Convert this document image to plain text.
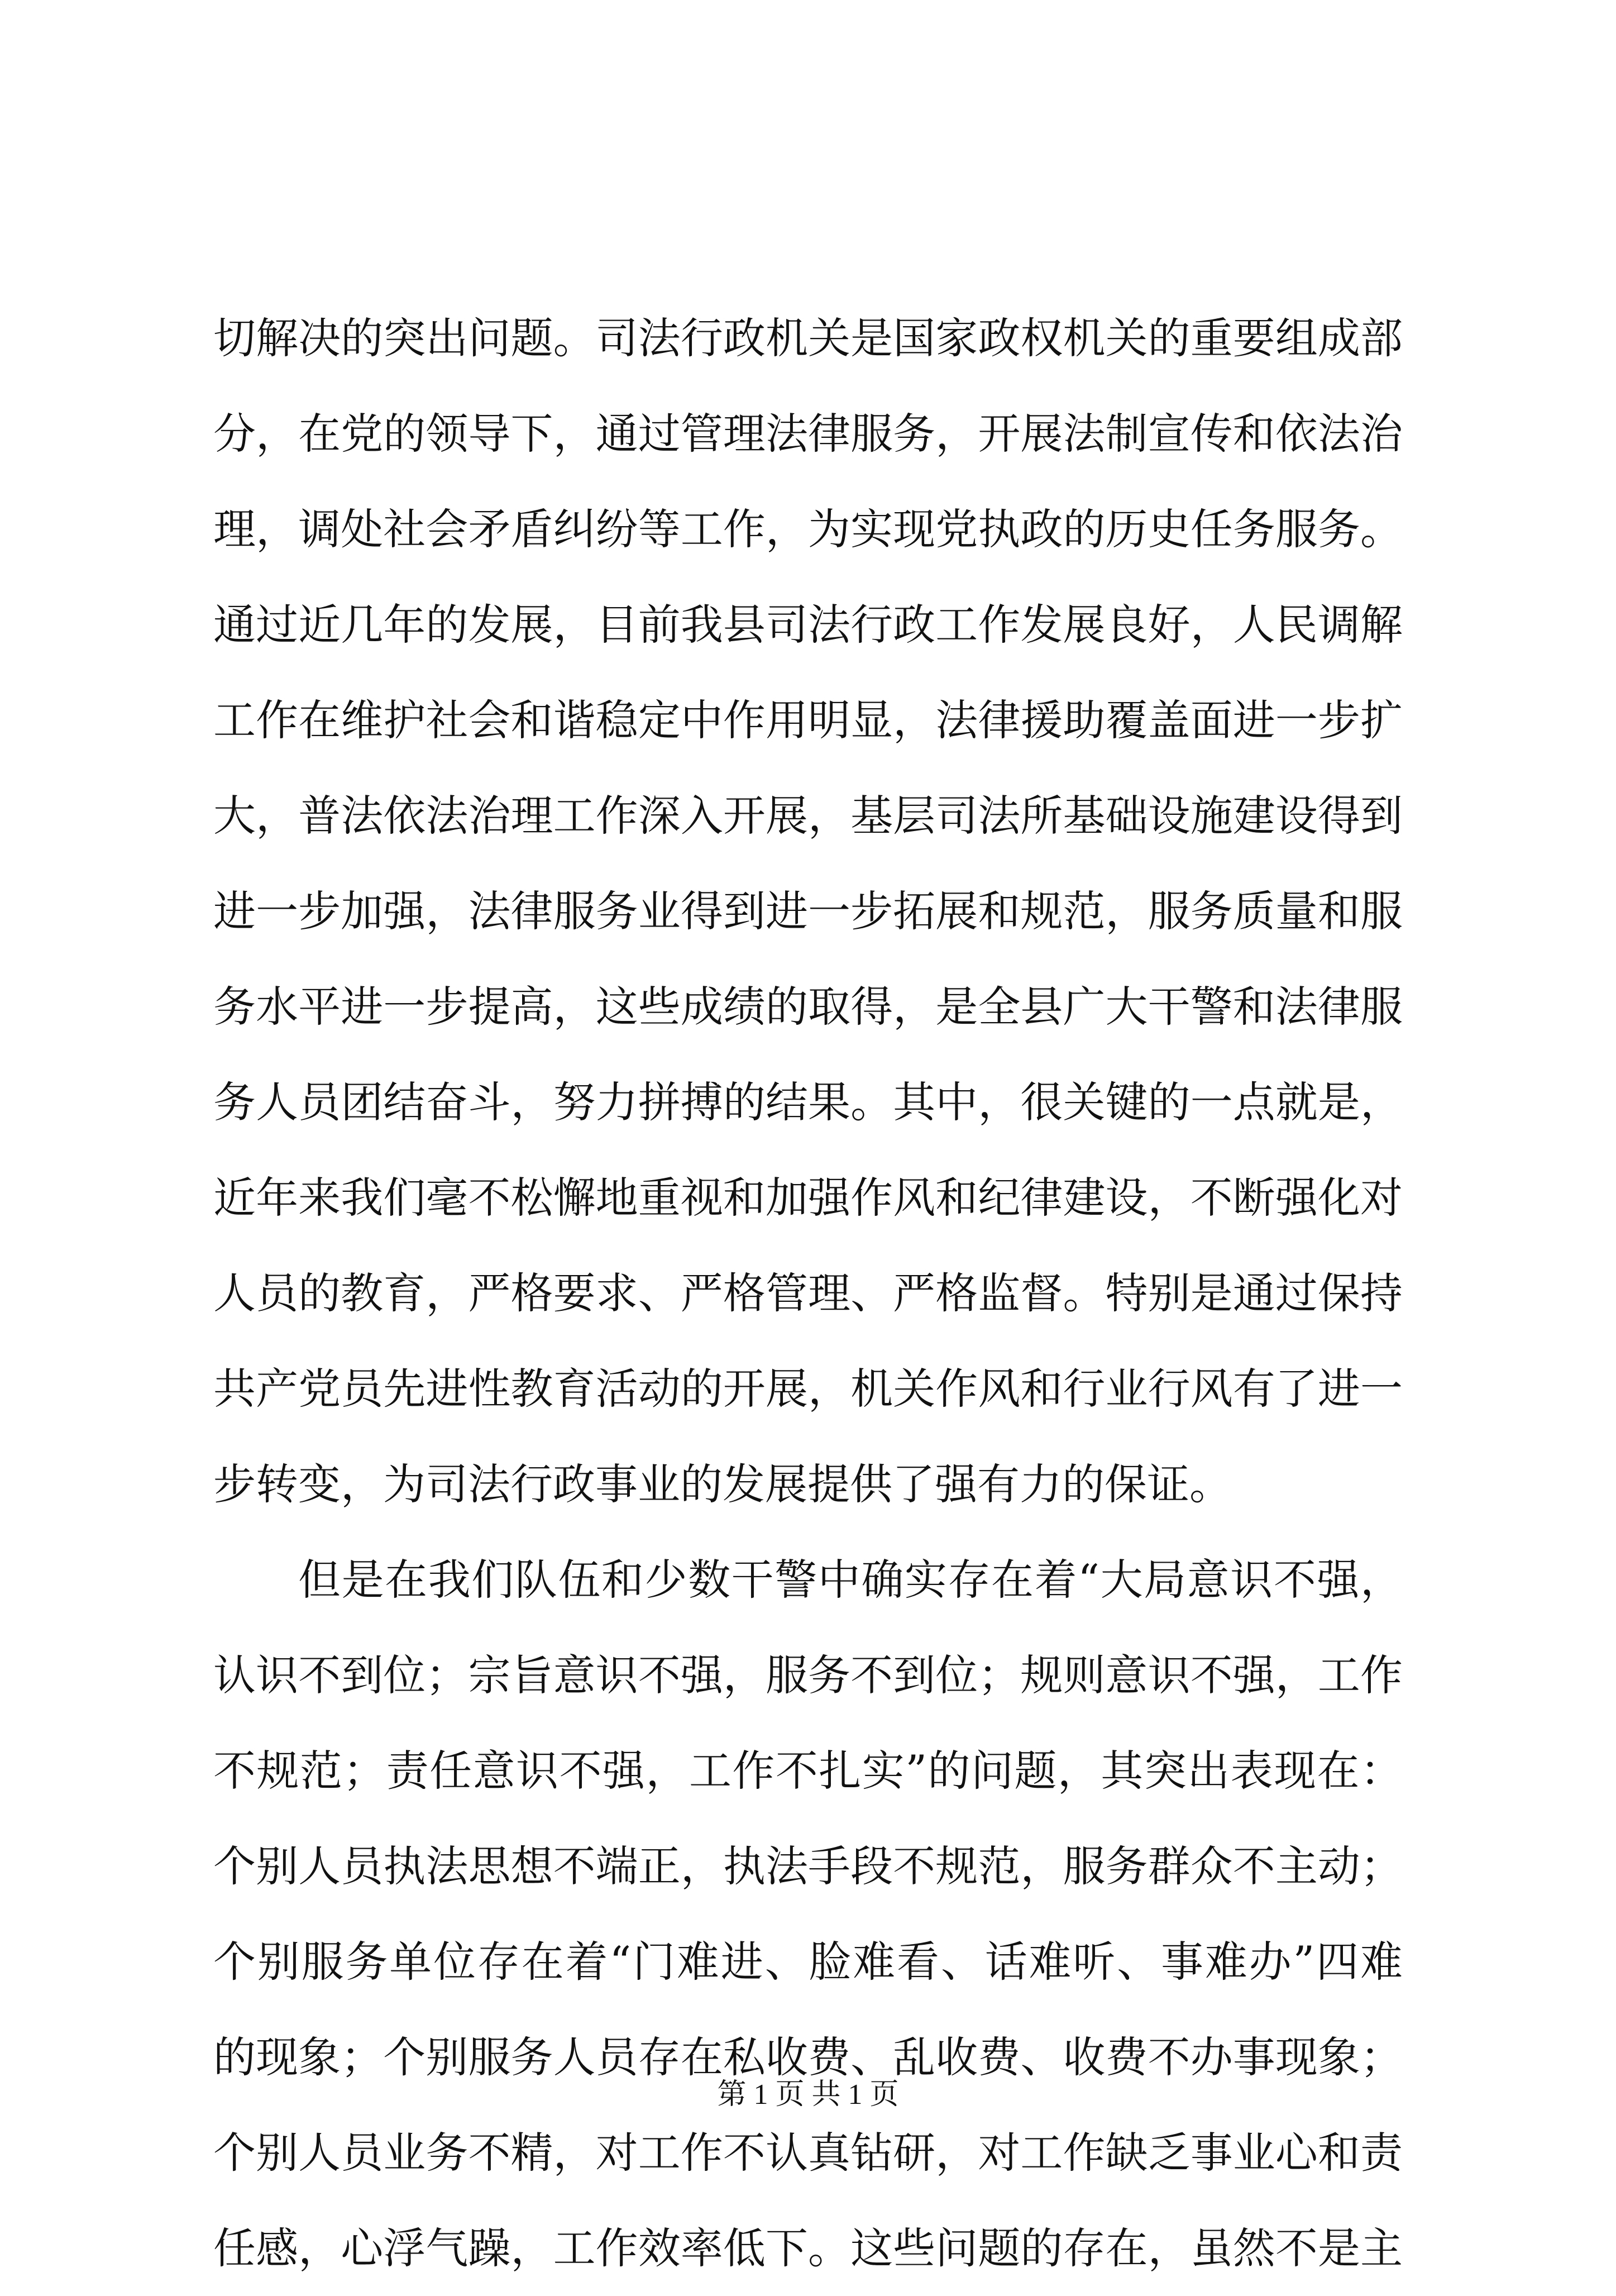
切解决的突出问题。司法行政机关是国家政权机关的重要组成部
分，在党的领导下，通过管理法律服务，开展法制宣传和依法治
理，调处社会矛盾纠纷等工作，为实现党执政的历史任务服务。
通过近几年的发展，目前我县司法行政工作发展良好，人民调解
工作在维护社会和谐稳定中作用明显，法律援助覆盖面进一步扩
大，普法依法治理工作深入开展，基层司法所基础设施建设得到
进一步加强，法律服务业得到进一步拓展和规范，服务质量和服
务水平进一步提高，这些成绩的取得，是全县广大干警和法律服
务人员团结奋斗，努力拼搏的结果。其中，很关键的一点就是，
近年来我们毫不松懈地重视和加强作风和纪律建设，不断强化对
人员的教育，严格要求、严格管理、严格监督。特别是通过保持
共产党员先进性教育活动的开展，机关作风和行业行风有了进一
步转变，为司法行政事业的发展提供了强有力的保证。
但是在我们队伍和少数干警中确实存在着“大局意识不强，
认识不到位；宗旨意识不强，服务不到位；规则意识不强，工作
不规范；责任意识不强，工作不扎实”的问题，其突出表现在：
个别人员执法思想不端正，执法手段不规范，服务群众不主动；
个别服务单位存在着“门难进、脸难看、话难听、事难办”四难
的现象；个别服务人员存在私收费、乱收费、收费不办事现象；
个别人员业务不精，对工作不认真钻研，对工作缺乏事业心和责
任感，心浮气躁，工作效率低下。这些问题的存在，虽然不是主
第 1 页 共 1 页
